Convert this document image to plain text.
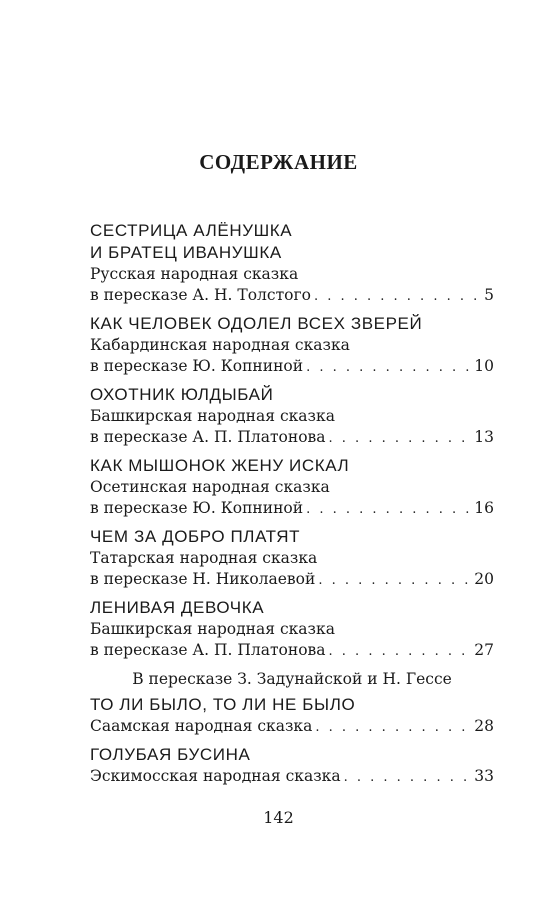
СОДЕРЖАНИЕ
СЕСТРИЦА АЛЁНУШКА
И БРАТЕЦ ИВАНУШКА
Русская народная сказка
в пересказе А. Н. Толстого . . .	5
КАК ЧЕЛОВЕК ОДОЛЕЛ ВСЕХ ЗВЕРЕЙ
Кабардинская народная сказка
в пересказе Ю. Копниной . . .	10
ОХОТНИК ЮЛДЫБАЙ
Башкирская народная сказка
в пересказе А. П. Платонова . . .	13
КАК МЫШОНОК ЖЕНУ ИСКАЛ
Осетинская народная сказка
в пересказе Ю. Копниной . . .	16
ЧЕМ ЗА ДОБРО ПЛАТЯТ
Татарская народная сказка
в пересказе Н. Николаевой . . .	20
ЛЕНИВАЯ ДЕВОЧКА
Башкирская народная сказка
в пересказе А. П. Платонова . . .	27
В пересказе З. Задунайской и Н. Гессе
ТО ЛИ БЫЛО, ТО ЛИ НЕ БЫЛО
Саамская народная сказка . . .	28
ГОЛУБАЯ БУСИНА
Эскимосская народная сказка . . .	33
142
